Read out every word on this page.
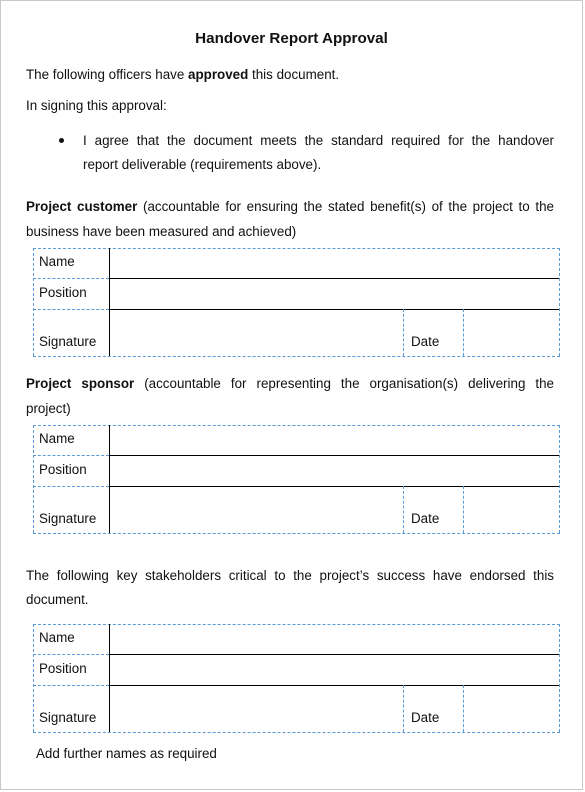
Handover Report Approval
The following officers have approved this document.
In signing this approval:
I agree that the document meets the standard required for the handover
report deliverable (requirements above).
Project customer (accountable for ensuring the stated benefit(s) of the project to the
business have been measured and achieved)
Name
Position
Signature	Date
Project sponsor (accountable for representing the organisation(s) delivering the
project)
Name
Position
Signature	Date
The following key stakeholders critical to the project’s success have endorsed this
document.
Name
Position
Signature	Date
Add further names as required
